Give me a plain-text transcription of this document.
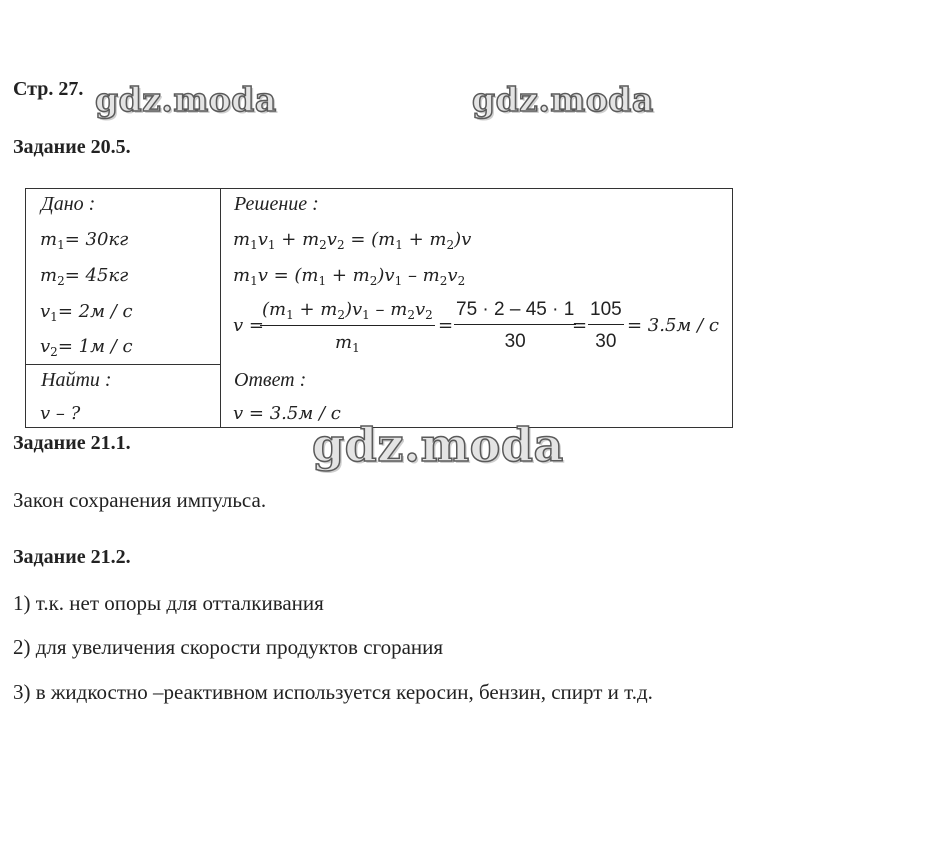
Стр. 27. gdz.moda	gdz.moda
Задание 20.5.
Дано :
$m_1= 30кг$
$m_2= 45кг$
$v_1= 2м / с$
$v_2= 1м / с$
Найти :
v – ?
Решение :
$m_1v_1 + m_2v_2 = (m_1 + m_2)v$
$m_1v = (m_1 + m_2)v_1 - m_2v_2$
v =
$\frac{(m_1 + m_2)v_1 - m_2v_2}{m_1} = \frac{75 \cdot 2 - 45 \cdot 1}{30}$
= $\frac{105}{30} = 3.5м / с$
Ответ :
v = 3.5м / с
Задание 21.1.	gdz.moda
Закон сохранения импульса.
Задание 21.2.
1) т.к. нет опоры для отталкивания
2) для увеличения скорости продуктов сгорания
3) в жидкостно –реактивном используется керосин, бензин, спирт и т.д.
